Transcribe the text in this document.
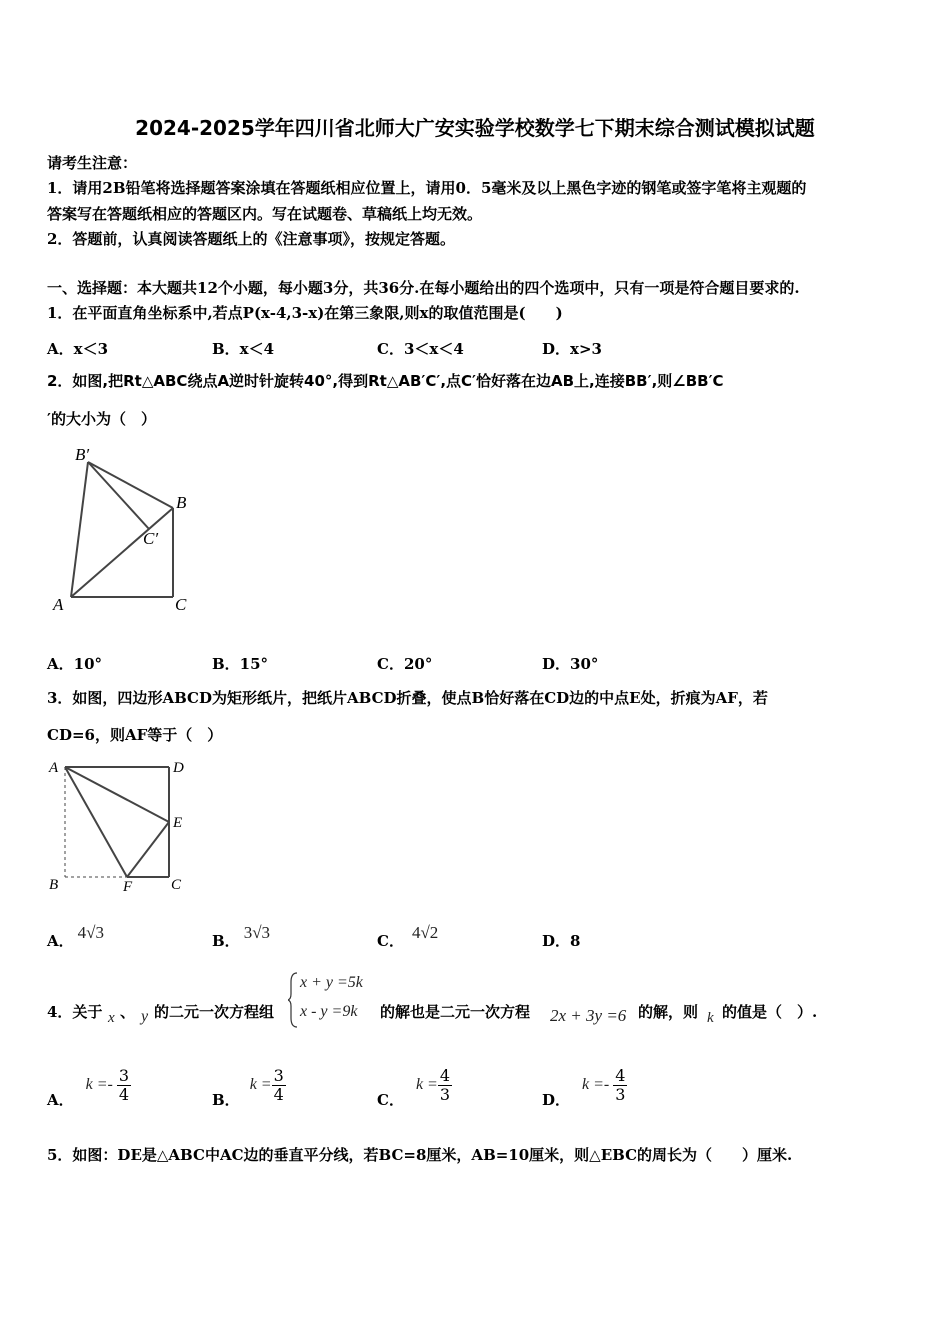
2024-2025学年四川省北师大广安实验学校数学七下期末综合测试模拟试题
请考生注意：
1．请用2B铅笔将选择题答案涂填在答题纸相应位置上，请用0．5毫米及以上黑色字迹的钢笔或签字笔将主观题的
答案写在答题纸相应的答题区内。写在试题卷、草稿纸上均无效。
2．答题前，认真阅读答题纸上的《注意事项》，按规定答题。
一、选择题：本大题共12个小题，每小题3分，共36分.在每小题给出的四个选项中，只有一项是符合题目要求的.
1．在平面直角坐标系中,若点P(x-4,3-x)在第三象限,则x的取值范围是(　　)
A．x＜3	B．x＜4	C．3＜x＜4	D．x>3
2．如图,把Rt△ABC绕点A逆时针旋转40°,得到Rt△AB′C′,点C′恰好落在边AB上,连接BB′,则∠BB′C
′的大小为（　）
B′
B
C′
A	C
A．10°	B．15°	C．20°	D．30°
3．如图，四边形ABCD为矩形纸片，把纸片ABCD折叠，使点B恰好落在CD边的中点E处，折痕为AF，若
CD=6，则AF等于（　）
A	D
E
B	F	C
A． 4√3	B． 3√3	C． 4√2	D．8
4．关于 x 、 y 的二元一次方程组
x + y =5k
x - y =9k 的解也是二元一次方程 2x + 3y =6 的解，则 k 的值是（　）.
A．
$k =- \frac{3}{4}$	B．
$k = \frac{3}{4}$	C．
$k = \frac{4}{3}$	D．
$k =- \frac{4}{3}$
5．如图：DE是△ABC中AC边的垂直平分线，若BC=8厘米，AB=10厘米，则△EBC的周长为（　　）厘米.
